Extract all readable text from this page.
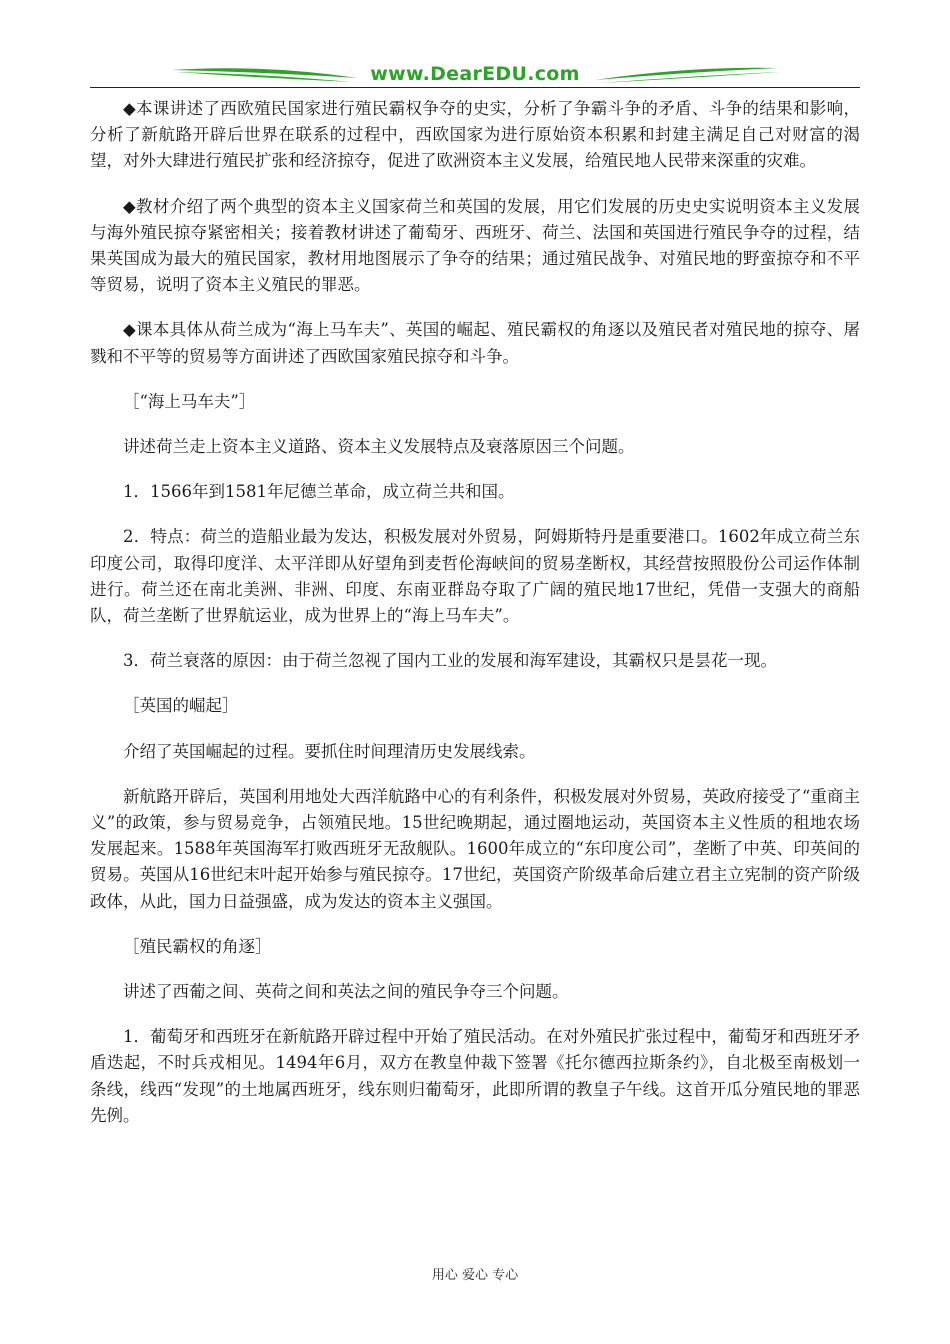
www.DearEDU.com

◆本课讲述了西欧殖民国家进行殖民霸权争夺的史实，分析了争霸斗争的矛盾、斗争的结果和影响，分析了新航路开辟后世界在联系的过程中，西欧国家为进行原始资本积累和封建主满足自己对财富的渴望，对外大肆进行殖民扩张和经济掠夺，促进了欧洲资本主义发展，给殖民地人民带来深重的灾难。

◆教材介绍了两个典型的资本主义国家荷兰和英国的发展，用它们发展的历史史实说明资本主义发展与海外殖民掠夺紧密相关；接着教材讲述了葡萄牙、西班牙、荷兰、法国和英国进行殖民争夺的过程，结果英国成为最大的殖民国家，教材用地图展示了争夺的结果；通过殖民战争、对殖民地的野蛮掠夺和不平等贸易，说明了资本主义殖民的罪恶。

◆课本具体从荷兰成为“海上马车夫”、英国的崛起、殖民霸权的角逐以及殖民者对殖民地的掠夺、屠戮和不平等的贸易等方面讲述了西欧国家殖民掠夺和斗争。

［“海上马车夫”］

讲述荷兰走上资本主义道路、资本主义发展特点及衰落原因三个问题。

1．1566年到1581年尼德兰革命，成立荷兰共和国。

2．特点：荷兰的造船业最为发达，积极发展对外贸易，阿姆斯特丹是重要港口。1602年成立荷兰东印度公司，取得印度洋、太平洋即从好望角到麦哲伦海峡间的贸易垄断权，其经营按照股份公司运作体制进行。荷兰还在南北美洲、非洲、印度、东南亚群岛夺取了广阔的殖民地17世纪，凭借一支强大的商船队，荷兰垄断了世界航运业，成为世界上的“海上马车夫”。

3．荷兰衰落的原因：由于荷兰忽视了国内工业的发展和海军建设，其霸权只是昙花一现。

［英国的崛起］

介绍了英国崛起的过程。要抓住时间理清历史发展线索。

新航路开辟后，英国利用地处大西洋航路中心的有利条件，积极发展对外贸易，英政府接受了“重商主义”的政策，参与贸易竞争，占领殖民地。15世纪晚期起，通过圈地运动，英国资本主义性质的租地农场发展起来。1588年英国海军打败西班牙无敌舰队。1600年成立的“东印度公司”，垄断了中英、印英间的贸易。英国从16世纪末叶起开始参与殖民掠夺。17世纪，英国资产阶级革命后建立君主立宪制的资产阶级政体，从此，国力日益强盛，成为发达的资本主义强国。

［殖民霸权的角逐］

讲述了西葡之间、英荷之间和英法之间的殖民争夺三个问题。

1．葡萄牙和西班牙在新航路开辟过程中开始了殖民活动。在对外殖民扩张过程中，葡萄牙和西班牙矛盾迭起，不时兵戎相见。1494年6月，双方在教皇仲裁下签署《托尔德西拉斯条约》，自北极至南极划一条线，线西“发现”的土地属西班牙，线东则归葡萄牙，此即所谓的教皇子午线。这首开瓜分殖民地的罪恶先例。

用心 爱心 专心
